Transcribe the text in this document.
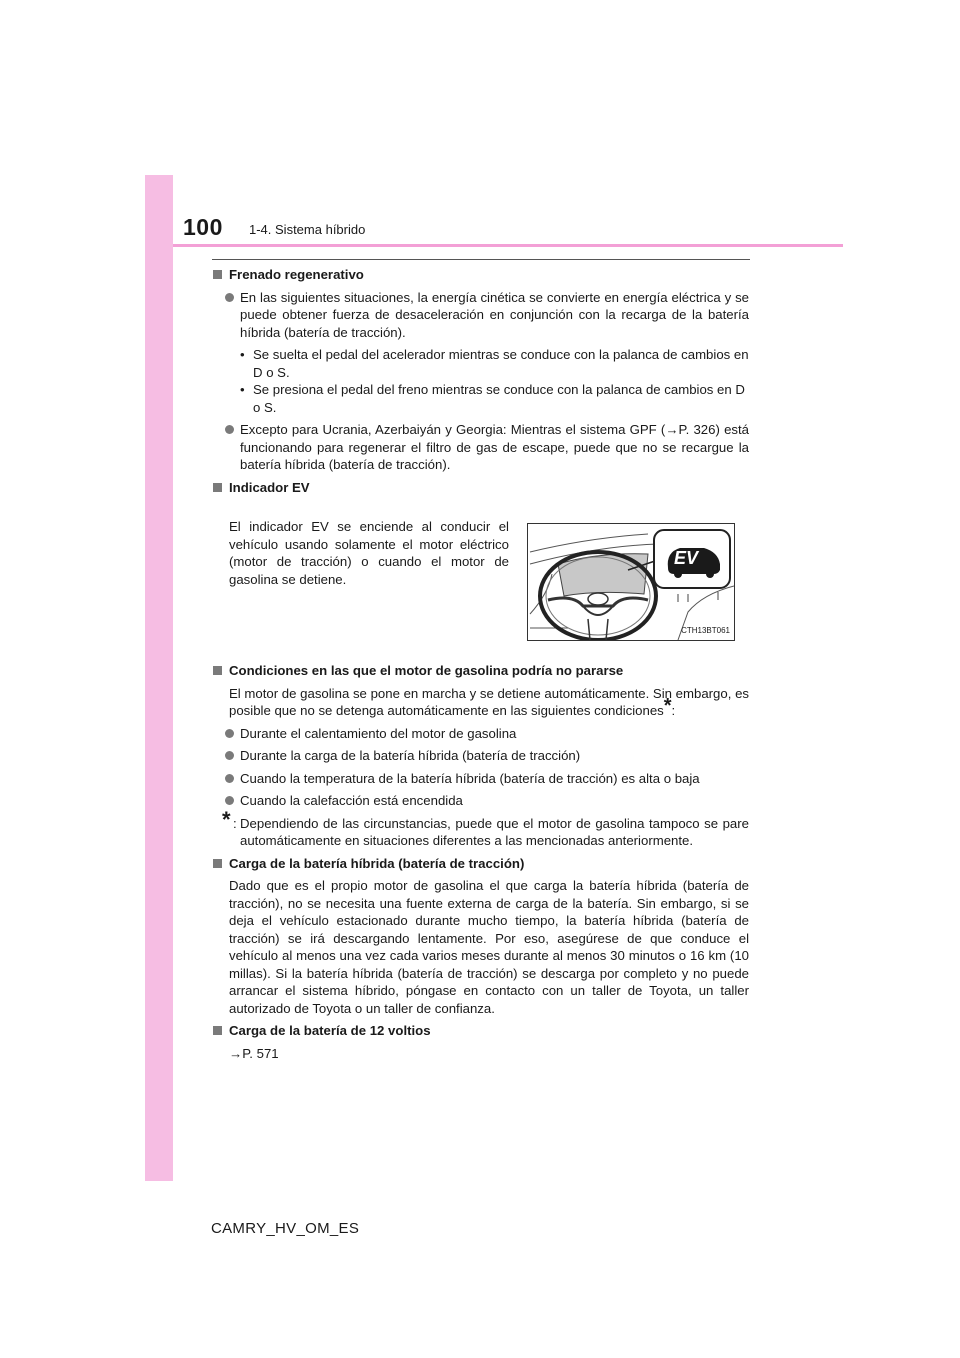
100 1-4. Sistema híbrido
Frenado regenerativo
En las siguientes situaciones, la energía cinética se convierte en energía eléctrica y se puede obtener fuerza de desaceleración en conjunción con la recarga de la batería híbrida (batería de tracción).
• Se suelta el pedal del acelerador mientras se conduce con la palanca de cambios en D o S.
• Se presiona el pedal del freno mientras se conduce con la palanca de cambios en D o S.
Excepto para Ucrania, Azerbaiyán y Georgia: Mientras el sistema GPF (→P. 326) está funcionando para regenerar el filtro de gas de escape, puede que no se recargue la batería híbrida (batería de tracción).
Indicador EV
El indicador EV se enciende al conducir el vehículo usando solamente el motor eléctrico (motor de tracción) o cuando el motor de gasolina se detiene.
EV
CTH13BT061
Condiciones en las que el motor de gasolina podría no pararse
El motor de gasolina se pone en marcha y se detiene automáticamente. Sin embargo, es posible que no se detenga automáticamente en las siguientes condiciones*:
Durante el calentamiento del motor de gasolina
Durante la carga de la batería híbrida (batería de tracción)
Cuando la temperatura de la batería híbrida (batería de tracción) es alta o baja
Cuando la calefacción está encendida
* : Dependiendo de las circunstancias, puede que el motor de gasolina tampoco se pare automáticamente en situaciones diferentes a las mencionadas anteriormente.
Carga de la batería híbrida (batería de tracción)
Dado que es el propio motor de gasolina el que carga la batería híbrida (batería de tracción), no se necesita una fuente externa de carga de la batería. Sin embargo, si se deja el vehículo estacionado durante mucho tiempo, la batería híbrida (batería de tracción) se irá descargando lentamente. Por eso, asegúrese de que conduce el vehículo al menos una vez cada varios meses durante al menos 30 minutos o 16 km (10 millas). Si la batería híbrida (batería de tracción) se descarga por completo y no puede arrancar el sistema híbrido, póngase en contacto con un taller de Toyota, un taller autorizado de Toyota o un taller de confianza.
Carga de la batería de 12 voltios
→P. 571
CAMRY_HV_OM_ES
